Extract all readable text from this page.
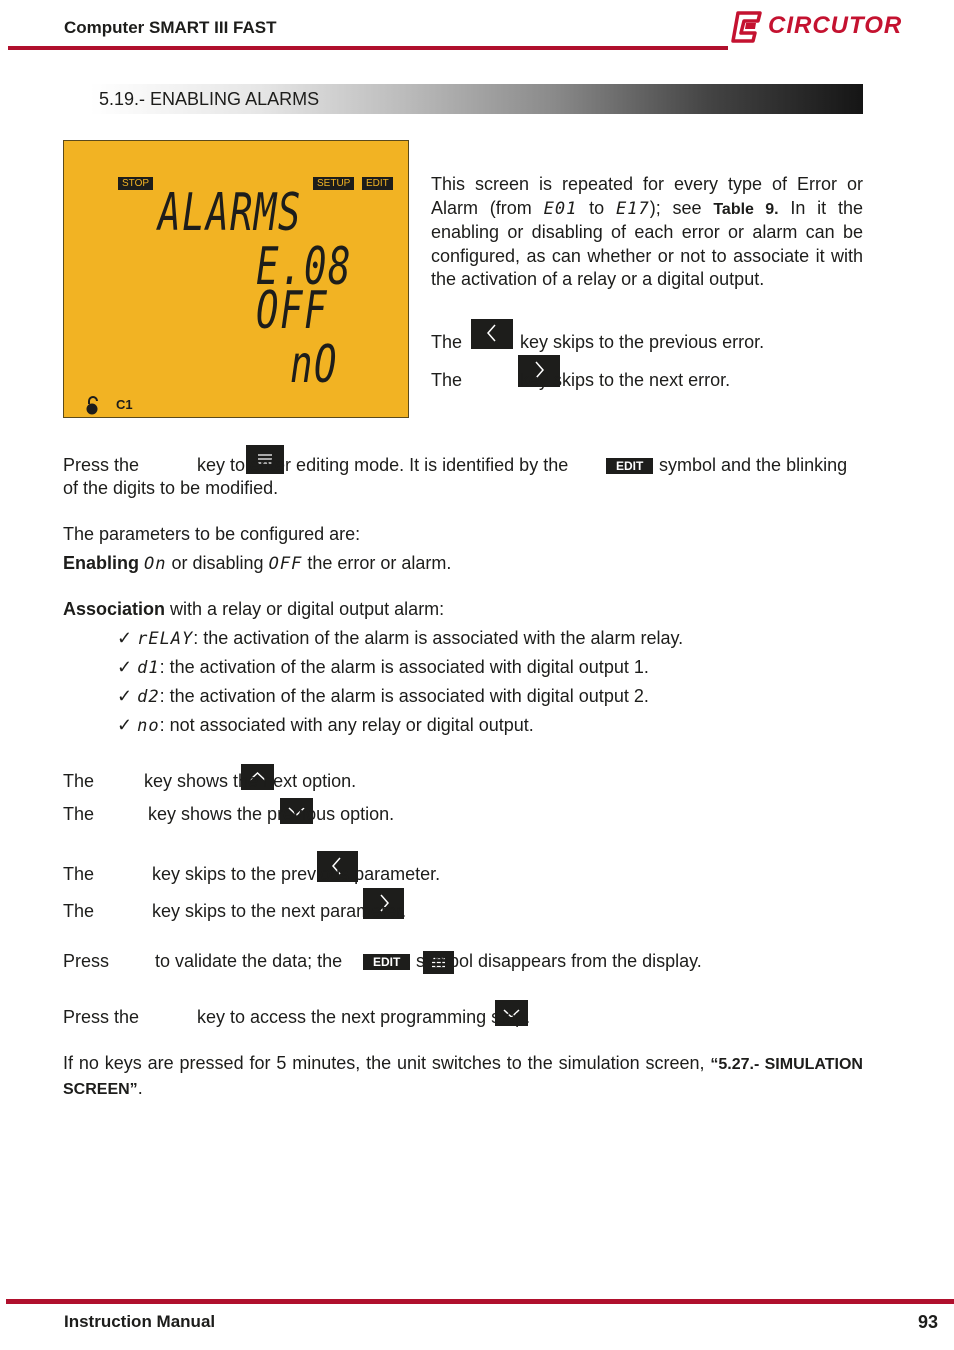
Computer SMART III FAST	CIRCUTOR
5.19.- ENABLING ALARMS
STOP	SETUP	EDIT
ALARMS
E.08
OFF
nO
C1
This screen is repeated for every type of Error or Alarm (from E01 to E17); see Table 9. In it the enabling or disabling of each error or alarm can be configured, as can whether or not to associate it with the activation of a relay or a digital output.
The
	key skips to the previous error.
The
	key skips to the next error.
Press the
	key to enter editing mode. It is identified by the	EDIT symbol and the blinking
of the digits to be modified.
The parameters to be configured are:
Enabling On or disabling OFF the error or alarm.
Association with a relay or digital output alarm:
✓ rELAY: the activation of the alarm is associated with the alarm relay.
✓ d1: the activation of the alarm is associated with digital output 1.
✓ d2: the activation of the alarm is associated with digital output 2.
✓ no: not associated with any relay or digital output.
The
	key shows the next option.
The
	key shows the previous option.
The
	key skips to the previous parameter.
The
	key skips to the next parameter.
Press
	to validate the data; the	EDIT symbol disappears from the display.
Press the	key to access the next programming step.
If no keys are pressed for 5 minutes, the unit switches to the simulation screen, “5.27.- SIMULATION SCREEN”.
Instruction Manual	93
